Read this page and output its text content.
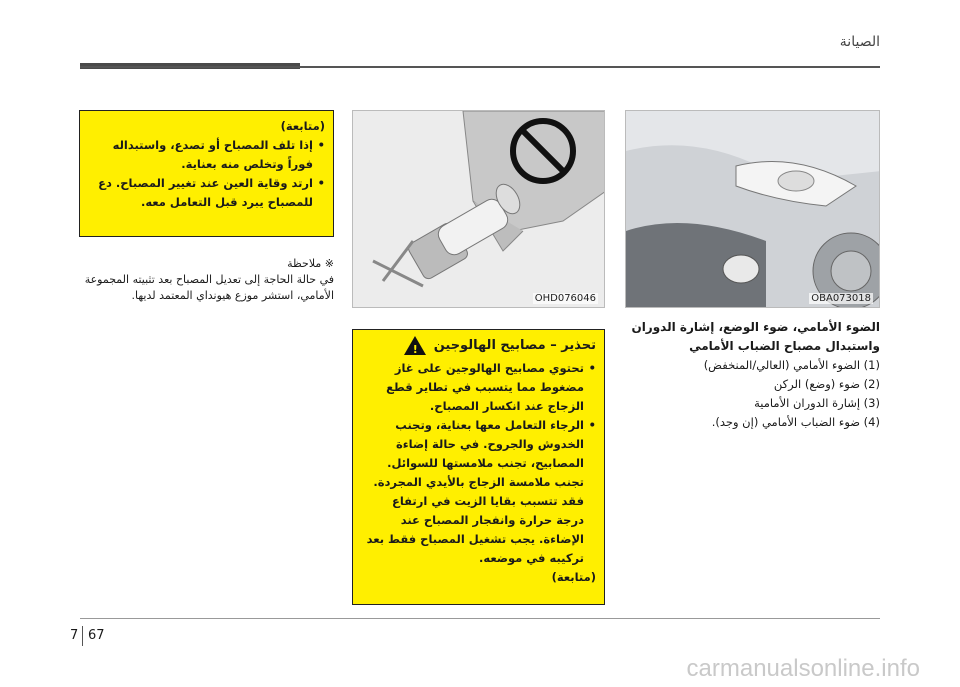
الصيانة
(متابعة)
• إذا تلف المصباح أو تصدع، واستبداله فوراً وتخلص منه بعناية.
• ارتد وقاية العين عند تغيير المصباح. دع للمصباح يبرد قبل التعامل معه.
※ ملاحظة
في حالة الحاجة إلى تعديل المصباح بعد تثبيته المجموعة الأمامي، استشر موزع هيونداي المعتمد لديها.	OHD076046	OBA073018
الضوء الأمامي، ضوء الوضع، إشارة الدوران واستبدال مصباح الضباب الأمامي
(1) الضوء الأمامي (العالي/المنخفض)
(2) ضوء (وضع) الركن
(3) إشارة الدوران الأمامية
(4) ضوء الضباب الأمامي (إن وجد).
! تحذير – مصابيح الهالوجين
• تحتوي مصابيح الهالوجين على غاز مضغوط مما يتسبب في تطاير قطع الزجاج عند انكسار المصباح.
• الرجاء التعامل معها بعناية، وتجنب الخدوش والجروح. في حالة إضاءة المصابيح، تجنب ملامستها للسوائل. تجنب ملامسة الزجاج بالأيدي المجردة. فقد تتسبب بقايا الزيت في ارتفاع درجة حرارة وانفجار المصباح عند الإضاءة. يجب تشغيل المصباح فقط بعد تركيبه في موضعه.
(متابعة)
7 67
carmanualsonline.info
